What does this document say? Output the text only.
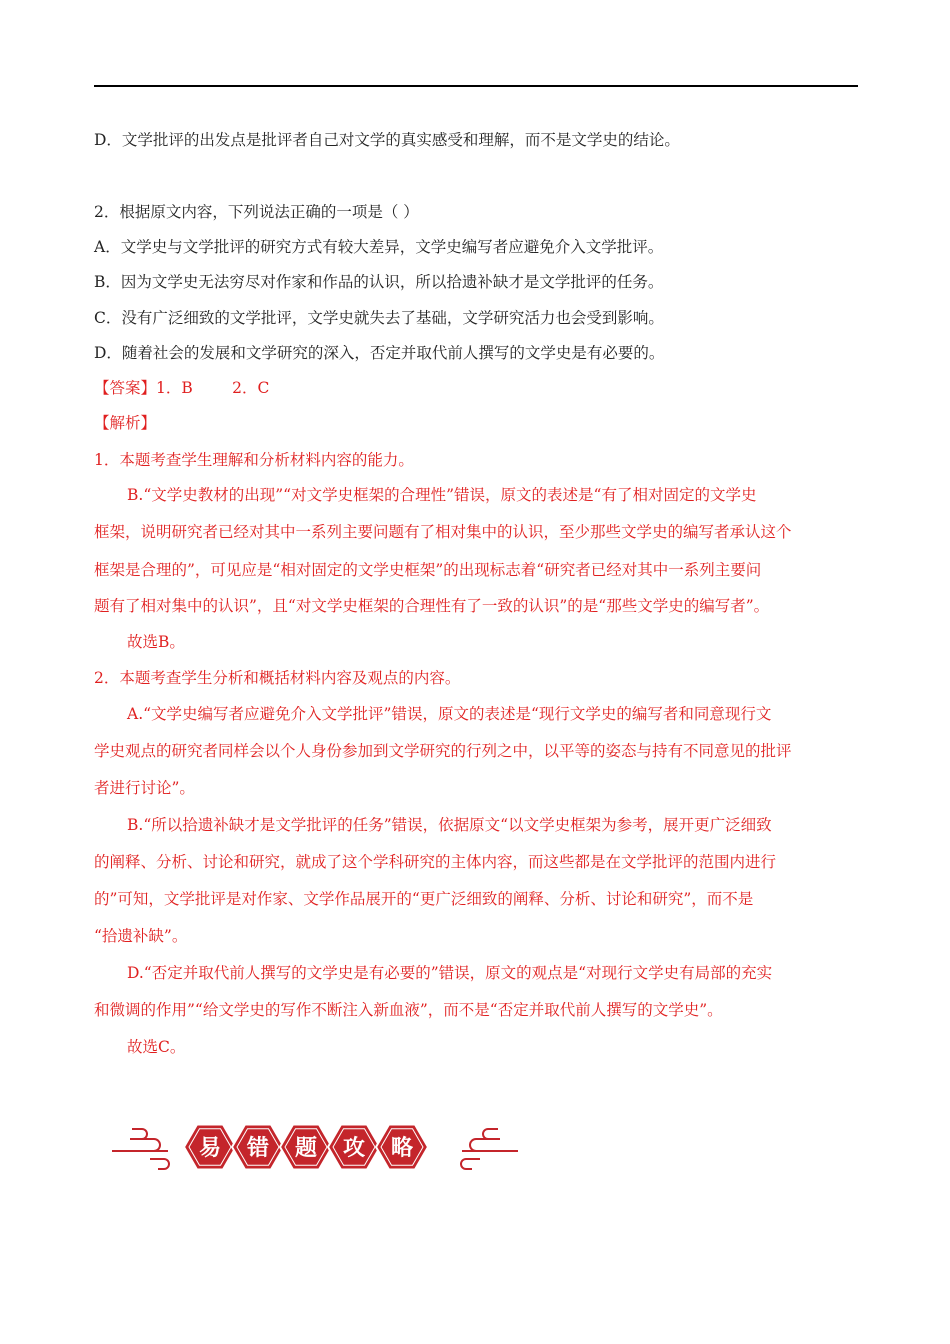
D．文学批评的出发点是批评者自己对文学的真实感受和理解，而不是文学史的结论。
2．根据原文内容，下列说法正确的一项是（ ）
A．文学史与文学批评的研究方式有较大差异，文学史编写者应避免介入文学批评。
B．因为文学史无法穷尽对作家和作品的认识，所以拾遗补缺才是文学批评的任务。
C．没有广泛细致的文学批评，文学史就失去了基础，文学研究活力也会受到影响。
D．随着社会的发展和文学研究的深入，否定并取代前人撰写的文学史是有必要的。
【答案】1．B        2．C
【解析】
1．本题考查学生理解和分析材料内容的能力。
B.“文学史教材的出现”“对文学史框架的合理性”错误，原文的表述是“有了相对固定的文学史
框架，说明研究者已经对其中一系列主要问题有了相对集中的认识，至少那些文学史的编写者承认这个
框架是合理的”，可见应是“相对固定的文学史框架”的出现标志着“研究者已经对其中一系列主要问
题有了相对集中的认识”，且“对文学史框架的合理性有了一致的认识”的是“那些文学史的编写者”。
故选B。
2．本题考查学生分析和概括材料内容及观点的内容。
A.“文学史编写者应避免介入文学批评”错误，原文的表述是“现行文学史的编写者和同意现行文
学史观点的研究者同样会以个人身份参加到文学研究的行列之中，以平等的姿态与持有不同意见的批评
者进行讨论”。
B.“所以拾遗补缺才是文学批评的任务”错误，依据原文“以文学史框架为参考，展开更广泛细致
的阐释、分析、讨论和研究，就成了这个学科研究的主体内容，而这些都是在文学批评的范围内进行
的”可知，文学批评是对作家、文学作品展开的“更广泛细致的阐释、分析、讨论和研究”，而不是
“拾遗补缺”。
D.“否定并取代前人撰写的文学史是有必要的”错误，原文的观点是“对现行文学史有局部的充实
和微调的作用”“给文学史的写作不断注入新血液”，而不是“否定并取代前人撰写的文学史”。
故选C。
易 错 题 攻 略
